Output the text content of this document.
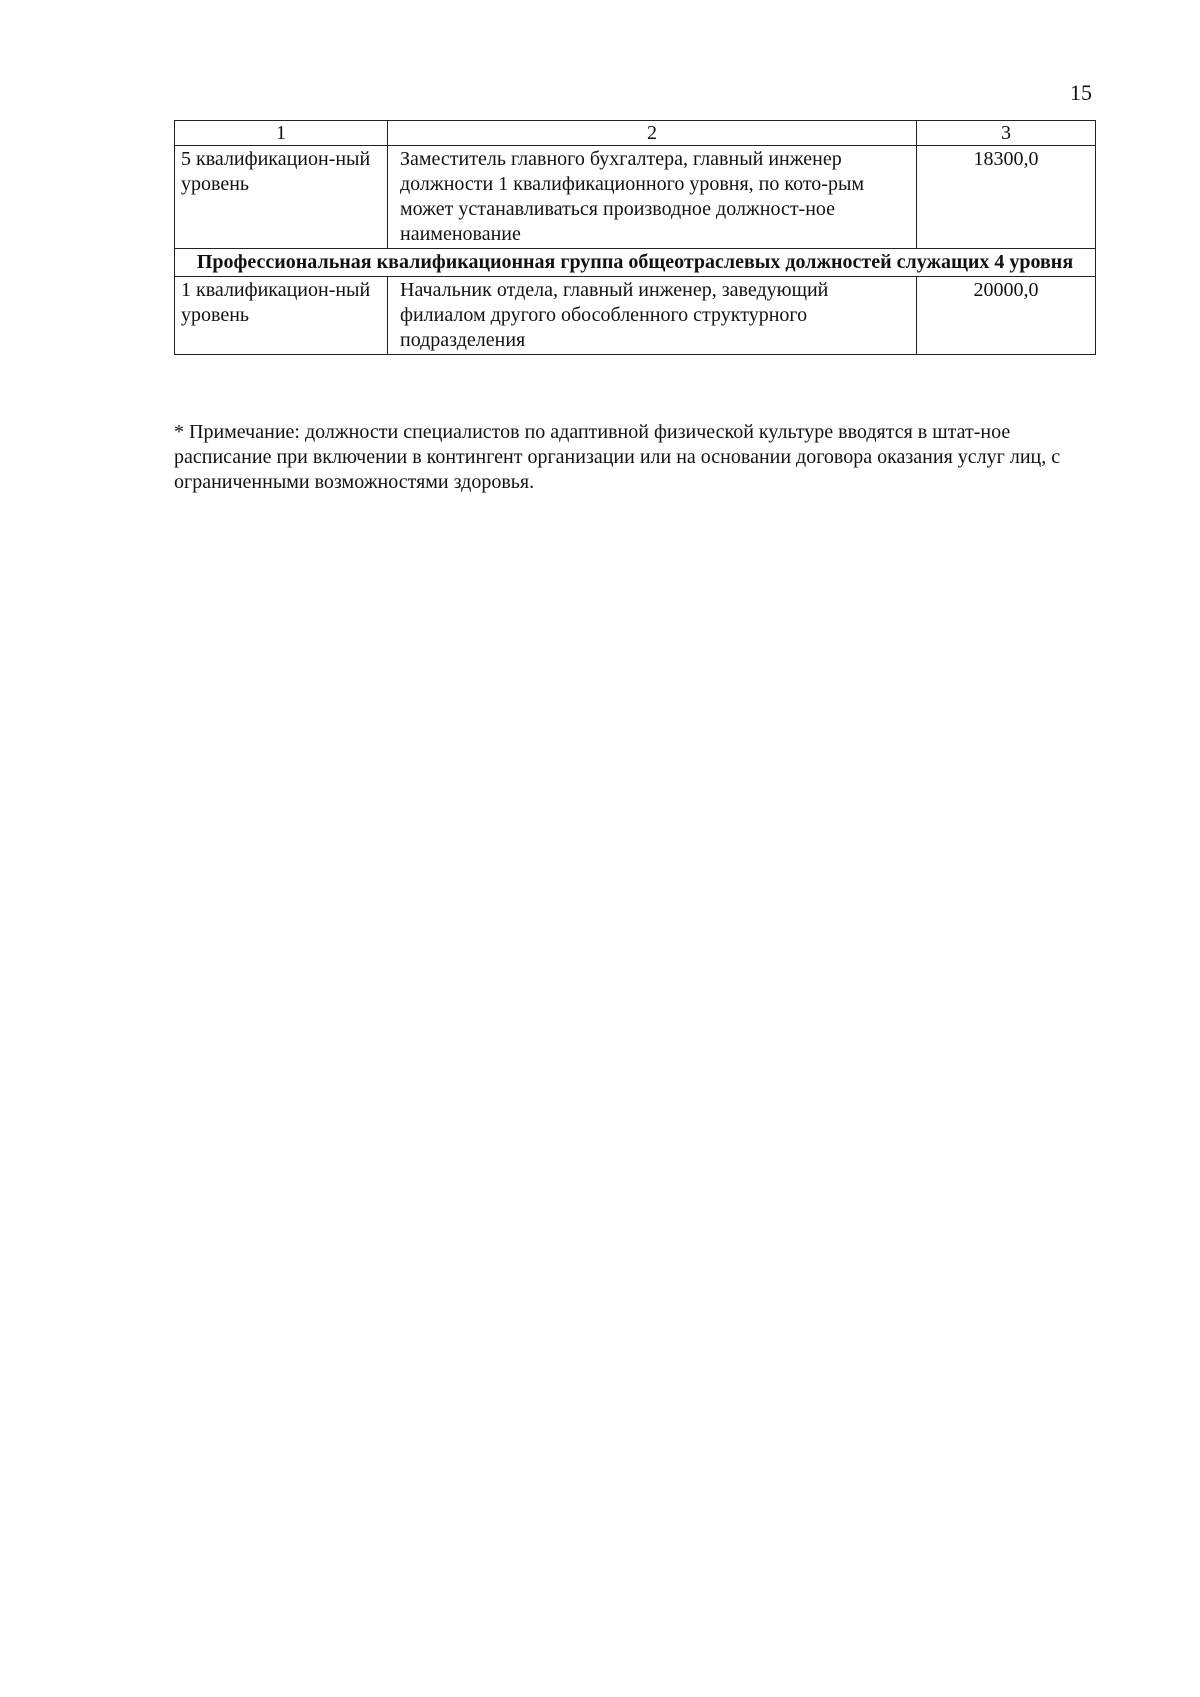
15
1	2	3
5 квалификацион-ный уровень	Заместитель главного бухгалтера, главный инженер должности 1 квалификационного уровня, по кото-рым может устанавливаться производное должност-ное наименование	18300,0
Профессиональная квалификационная группа общеотраслевых должностей служащих 4 уровня		
1 квалификацион-ный уровень	Начальник отдела, главный инженер, заведующий филиалом другого обособленного структурного подразделения	20000,0
* Примечание: должности специалистов по адаптивной физической культуре вводятся в штат-ное расписание при включении в контингент организации или на основании договора оказания услуг лиц, с ограниченными возможностями здоровья.
